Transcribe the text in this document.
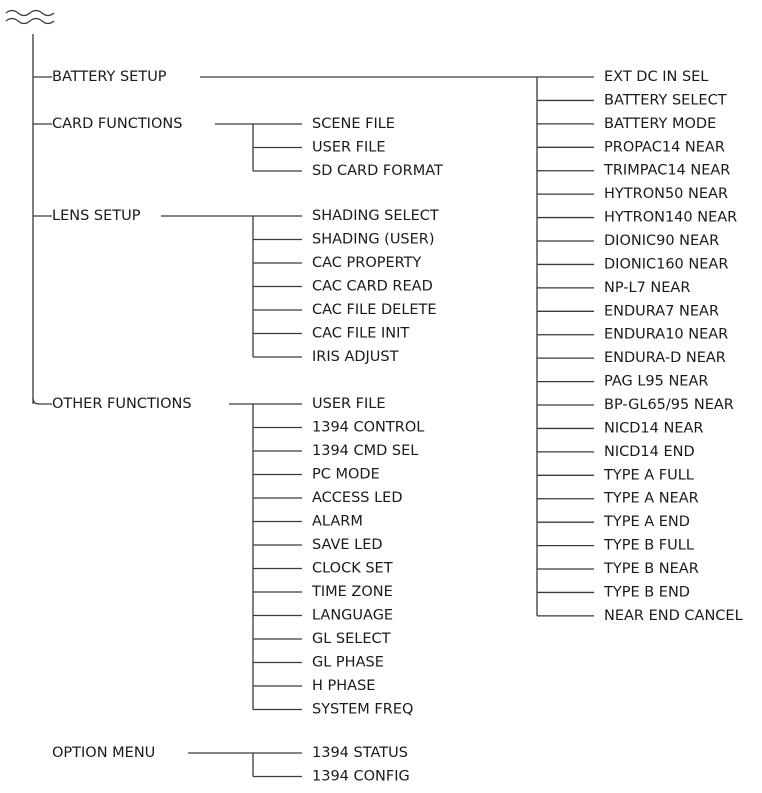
BATTERY SETUP
CARD FUNCTIONS
LENS SETUP
OTHER FUNCTIONS
OPTION MENU
EXT DC IN SEL
BATTERY SELECT
BATTERY MODE
PROPAC14 NEAR
TRIMPAC14 NEAR
HYTRON50 NEAR
HYTRON140 NEAR
DIONIC90 NEAR
DIONIC160 NEAR
NP-L7 NEAR
ENDURA7 NEAR
ENDURA10 NEAR
ENDURA-D NEAR
PAG L95 NEAR
BP-GL65/95 NEAR
NICD14 NEAR
NICD14 END
TYPE A FULL
TYPE A NEAR
TYPE A END
TYPE B FULL
TYPE B NEAR
TYPE B END
NEAR END CANCEL
SCENE FILE
USER FILE
SD CARD FORMAT
SHADING SELECT
SHADING (USER)
CAC PROPERTY
CAC CARD READ
CAC FILE DELETE
CAC FILE INIT
IRIS ADJUST
USER FILE
1394 CONTROL
1394 CMD SEL
PC MODE
ACCESS LED
ALARM
SAVE LED
CLOCK SET
TIME ZONE
LANGUAGE
GL SELECT
GL PHASE
H PHASE
SYSTEM FREQ
1394 STATUS
1394 CONFIG
